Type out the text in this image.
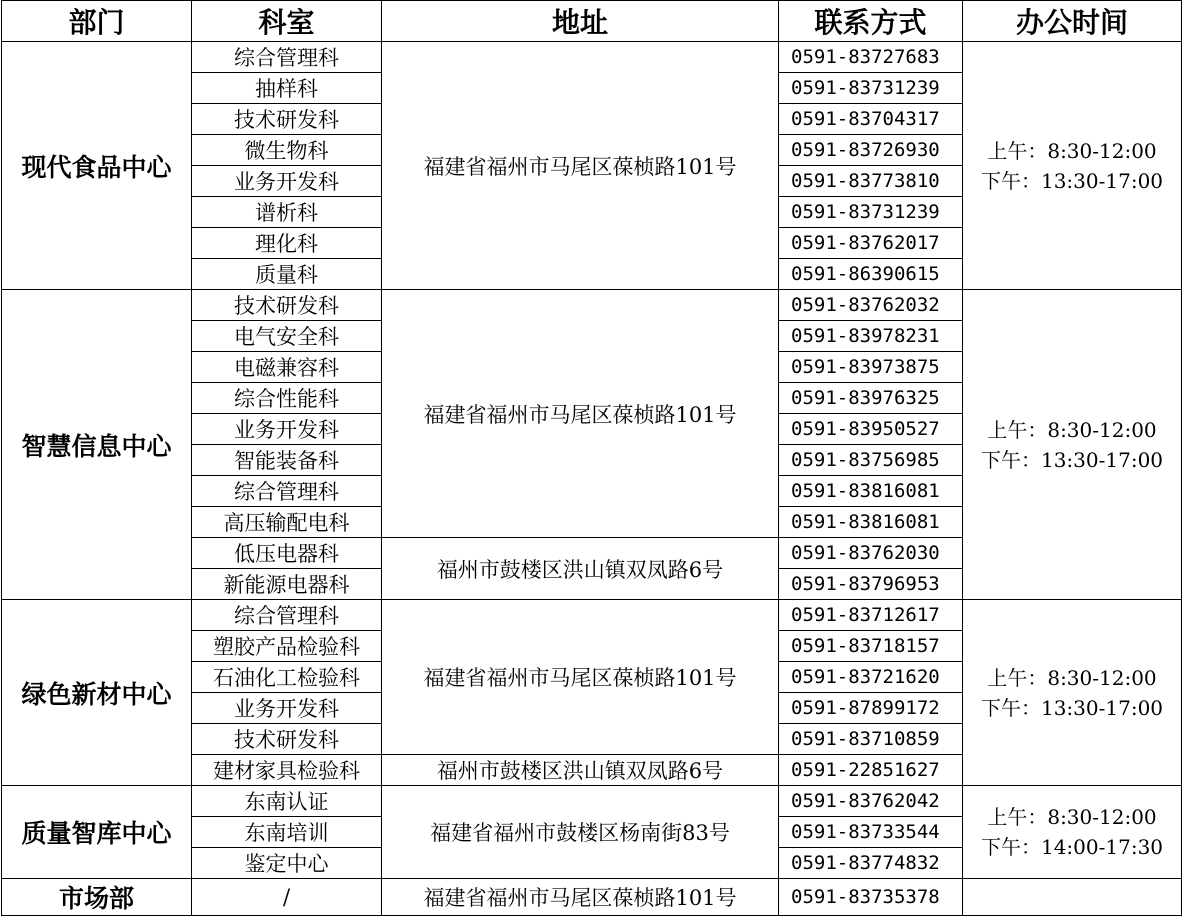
部门	科室	地址	联系方式	办公时间
现代食品中心	综合管理科	福建省福州市马尾区葆桢路101号	0591-83727683	上午：8:30-12:00
下午：13:30-17:00

	抽样科		0591-83731239	
	技术研发科		0591-83704317	
	微生物科		0591-83726930	
	业务开发科		0591-83773810	
	谱析科		0591-83731239	
	理化科		0591-83762017	
	质量科		0591-86390615	
智慧信息中心	技术研发科	福建省福州市马尾区葆桢路101号	0591-83762032	上午：8:30-12:00
下午：13:30-17:00

	电气安全科		0591-83978231	
	电磁兼容科		0591-83973875	
	综合性能科		0591-83976325	
	业务开发科		0591-83950527	
	智能装备科		0591-83756985	
	综合管理科		0591-83816081	
	高压输配电科		0591-83816081	
	低压电器科	福州市鼓楼区洪山镇双凤路6号	0591-83762030	
	新能源电器科		0591-83796953	
绿色新材中心	综合管理科	福建省福州市马尾区葆桢路101号	0591-83712617	上午：8:30-12:00
下午：13:30-17:00

	塑胶产品检验科		0591-83718157	
	石油化工检验科		0591-83721620	
	业务开发科		0591-87899172	
	技术研发科		0591-83710859	
	建材家具检验科	福州市鼓楼区洪山镇双凤路6号	0591-22851627	
质量智库中心	东南认证	福建省福州市鼓楼区杨南街83号	0591-83762042	上午：8:30-12:00
下午：14:00-17:30

	东南培训		0591-83733544	
	鉴定中心		0591-83774832	
市场部	/	福建省福州市马尾区葆桢路101号	0591-83735378	
